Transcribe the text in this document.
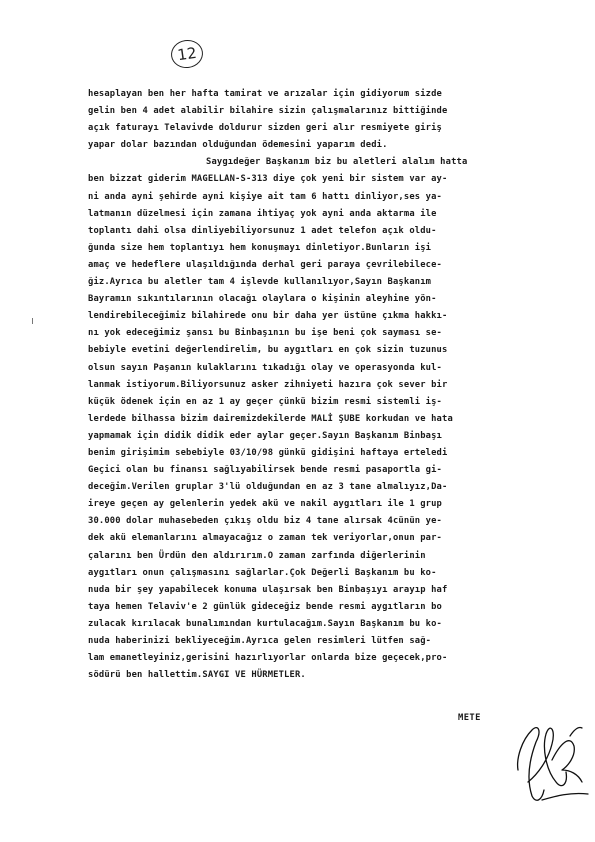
12
hesaplayan ben her hafta tamirat ve arızalar için gidiyorum sizde
gelin ben 4 adet alabilir bilahire sizin çalışmalarınız bittiğinde
açık faturayı Telavivde doldurur sizden geri alır resmiyete giriş
yapar dolar bazından olduğundan ödemesini yaparım dedi.
Saygıdeğer Başkanım biz bu aletleri alalım hatta
ben bizzat giderim MAGELLAN-S-313 diye çok yeni bir sistem var ay-
ni anda ayni şehirde ayni kişiye ait tam 6 hattı dinliyor,ses ya-
latmanın düzelmesi için zamana ihtiyaç yok ayni anda aktarma ile
toplantı dahi olsa dinliyebiliyorsunuz 1 adet telefon açık oldu-
ğunda size hem toplantıyı hem konuşmayı dinletiyor.Bunların işi
amaç ve hedeflere ulaşıldığında derhal geri paraya çevrilebilece-
ğiz.Ayrıca bu aletler tam 4 işlevde kullanılıyor,Sayın Başkanım
Bayramın sıkıntılarının olacağı olaylara o kişinin aleyhine yön-
lendirebileceğimiz bilahirede onu bir daha yer üstüne çıkma hakkı-
nı yok edeceğimiz şansı bu Binbaşının bu işe beni çok sayması se-
bebiyle evetini değerlendirelim, bu aygıtları en çok sizin tuzunus
olsun sayın Paşanın kulaklarını tıkadığı olay ve operasyonda kul-
lanmak istiyorum.Biliyorsunuz asker zihniyeti hazıra çok sever bir
küçük ödenek için en az 1 ay geçer çünkü bizim resmi sistemli iş-
lerdede bilhassa bizim dairemizdekilerde MALİ ŞUBE korkudan ve hata
yapmamak için didik didik eder aylar geçer.Sayın Başkanım Binbaşı
benim girişimim sebebiyle 03/10/98 günkü gidişini haftaya erteledi
Geçici olan bu finansı sağlıyabilirsek bende resmi pasaportla gi-
deceğim.Verilen gruplar 3'lü olduğundan en az 3 tane almalıyız,Da-
ireye geçen ay gelenlerin yedek akü ve nakil aygıtları ile 1 grup
30.000 dolar muhasebeden çıkış oldu biz 4 tane alırsak 4cünün ye-
dek akü elemanlarını almayacağız o zaman tek veriyorlar,onun par-
çalarını ben Ürdün den aldırırım.O zaman zarfında diğerlerinin
aygıtları onun çalışmasını sağlarlar.Çok Değerli Başkanım bu ko-
nuda bir şey yapabilecek konuma ulaşırsak ben Binbaşıyı arayıp haf
taya hemen Telaviv'e 2 günlük gideceğiz bende resmi aygıtların bo
zulacak kırılacak bunalımından kurtulacağım.Sayın Başkanım bu ko-
nuda haberinizi bekliyeceğim.Ayrıca gelen resimleri lütfen sağ-
lam emanetleyiniz,gerisini hazırlıyorlar onlarda bize geçecek,pro-
södürü ben hallettim.SAYGI VE HÜRMETLER.
METE
